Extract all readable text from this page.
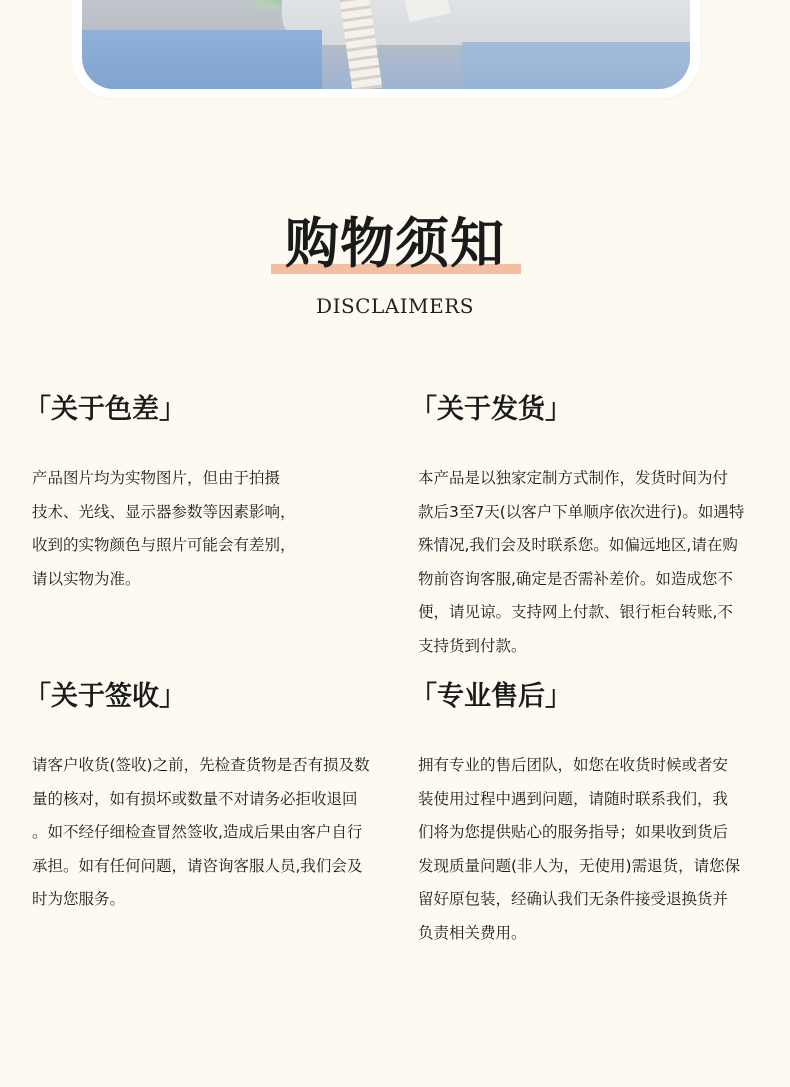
购物须知
DISCLAIMERS
「关于色差」
产品图片均为实物图片，但由于拍摄
技术、光线、显示器参数等因素影响，
收到的实物颜色与照片可能会有差别，
请以实物为准。
「关于发货」
本产品是以独家定制方式制作，发货时间为付
款后3至7天(以客户下单顺序依次进行)。如遇特
殊情况,我们会及时联系您。如偏远地区,请在购
物前咨询客服,确定是否需补差价。如造成您不
便，请见谅。支持网上付款、银行柜台转账,不
支持货到付款。
「关于签收」
请客户收货(签收)之前，先检查货物是否有损及数
量的核对，如有损坏或数量不对请务必拒收退回
。如不经仔细检查冒然签收,造成后果由客户自行
承担。如有任何问题，请咨询客服人员,我们会及
时为您服务。
「专业售后」
拥有专业的售后团队，如您在收货时候或者安
装使用过程中遇到问题，请随时联系我们，我
们将为您提供贴心的服务指导；如果收到货后
发现质量问题(非人为，无使用)需退货，请您保
留好原包装，经确认我们无条件接受退换货并
负责相关费用。
